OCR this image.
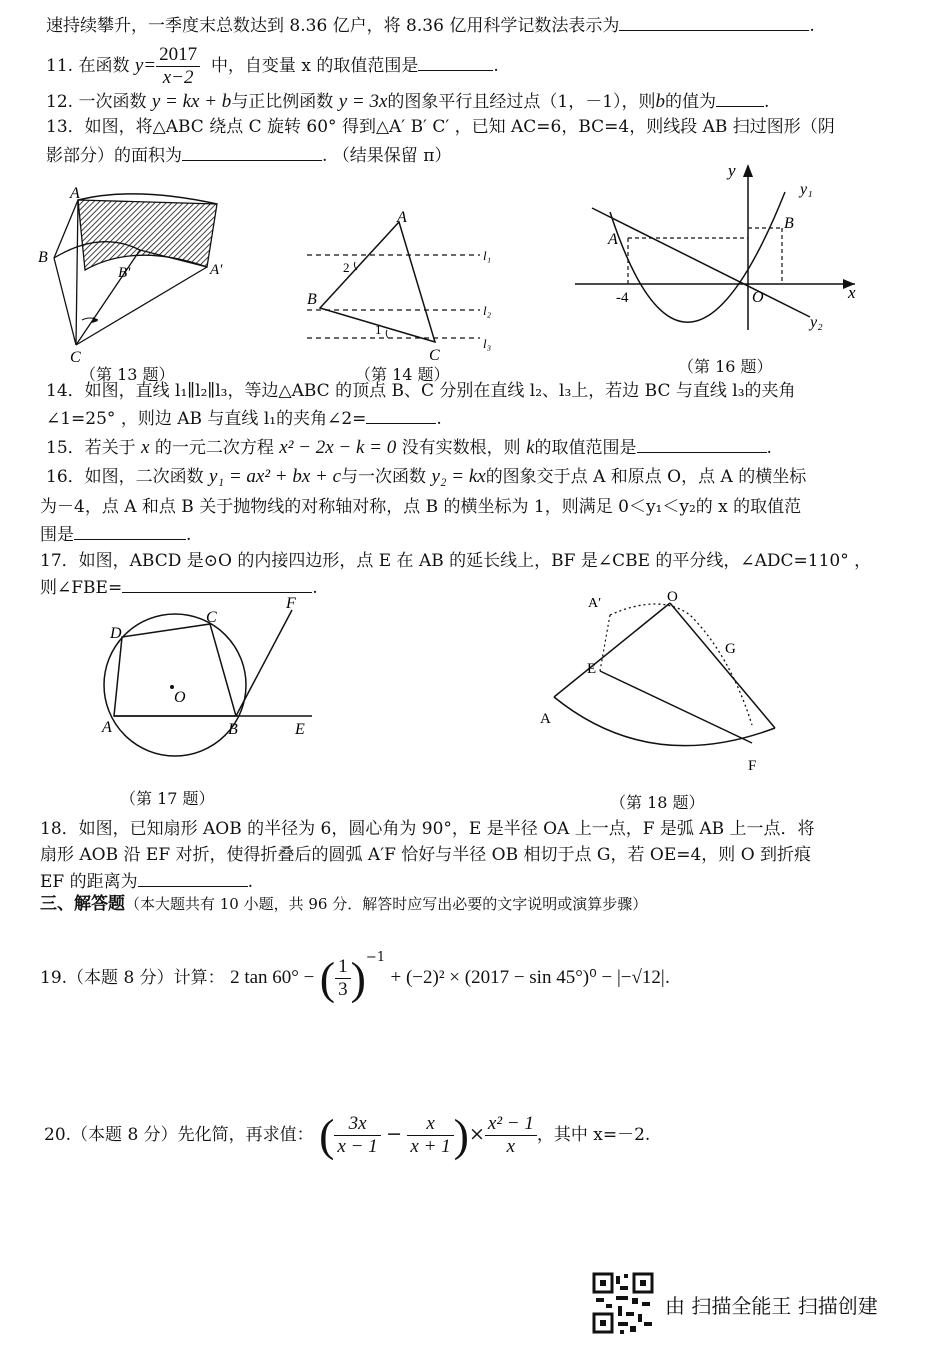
速持续攀升，一季度末总数达到 8.36 亿户，将 8.36 亿用科学记数法表示为	.
11. 在函数 $y= \frac{2017}{x-2}$ 中，自变量 x 的取值范围是	.
12. 一次函数 y = kx + b与正比例函数 y = 3x的图象平行且经过点（1，－1），则b的值为	.
13．如图，将△ABC 绕点 C 旋转 60° 得到△A′ B′ C′ ，已知 AC=6，BC=4，则线段 AB 扫过图形（阴
影部分）的面积为	. （结果保留 π）
A
B
B′	A′
C
（第 13 题）
A
B
C
l₁
l₂
l₃
1
2
（第 14 题）
y
y₁
y₂
x
A
B
O
-4
（第 16 题）
14．如图，直线 l₁∥l₂∥l₃，等边△ABC 的顶点 B、C 分别在直线 l₂、l₃上，若边 BC 与直线 l₃的夹角
∠1=25° ，则边 AB 与直线 l₁的夹角∠2=	.
15．若关于 x 的一元二次方程 x² − 2x − k = 0 没有实数根，则 k的取值范围是	.
16．如图，二次函数 y₁ = ax² + bx + c与一次函数 y₂ = kx的图象交于点 A 和原点 O，点 A 的横坐标
为－4，点 A 和点 B 关于抛物线的对称轴对称，点 B 的横坐标为 1，则满足 0＜y₁＜y₂的 x 的取值范
围是	.
17．如图，ABCD 是⊙O 的内接四边形，点 E 在 AB 的延长线上，BF 是∠CBE 的平分线，∠ADC=110° ，
则∠FBE=	.
A	B
C
D
E
F
O
（第 17 题）
A′	O
G
E
A
F
（第 18 题）
18．如图，已知扇形 AOB 的半径为 6，圆心角为 90°，E 是半径 OA 上一点，F 是弧 AB 上一点．将
扇形 AOB 沿 EF 对折，使得折叠后的圆弧 A′F 恰好与半径 OB 相切于点 G，若 OE=4，则 O 到折痕
EF 的距离为	.
三、解答题（本大题共有 10 小题，共 96 分．解答时应写出必要的文字说明或演算步骤）
19.（本题 8 分）计算： 2 tan 60° − ( $\frac{1}{3} )^{-1} + (-2)^2 \times (2017 - \sin 45^\circ)^0 - |-√12|$.
20.（本题 8 分）先化简，再求值： ( $\frac{3x}{x - 1} - \frac{x}{x + 1}$ )× $\frac{\text{x² − 1}}{x}$ ，其中 x=－2.
由 扫描全能王 扫描创建
